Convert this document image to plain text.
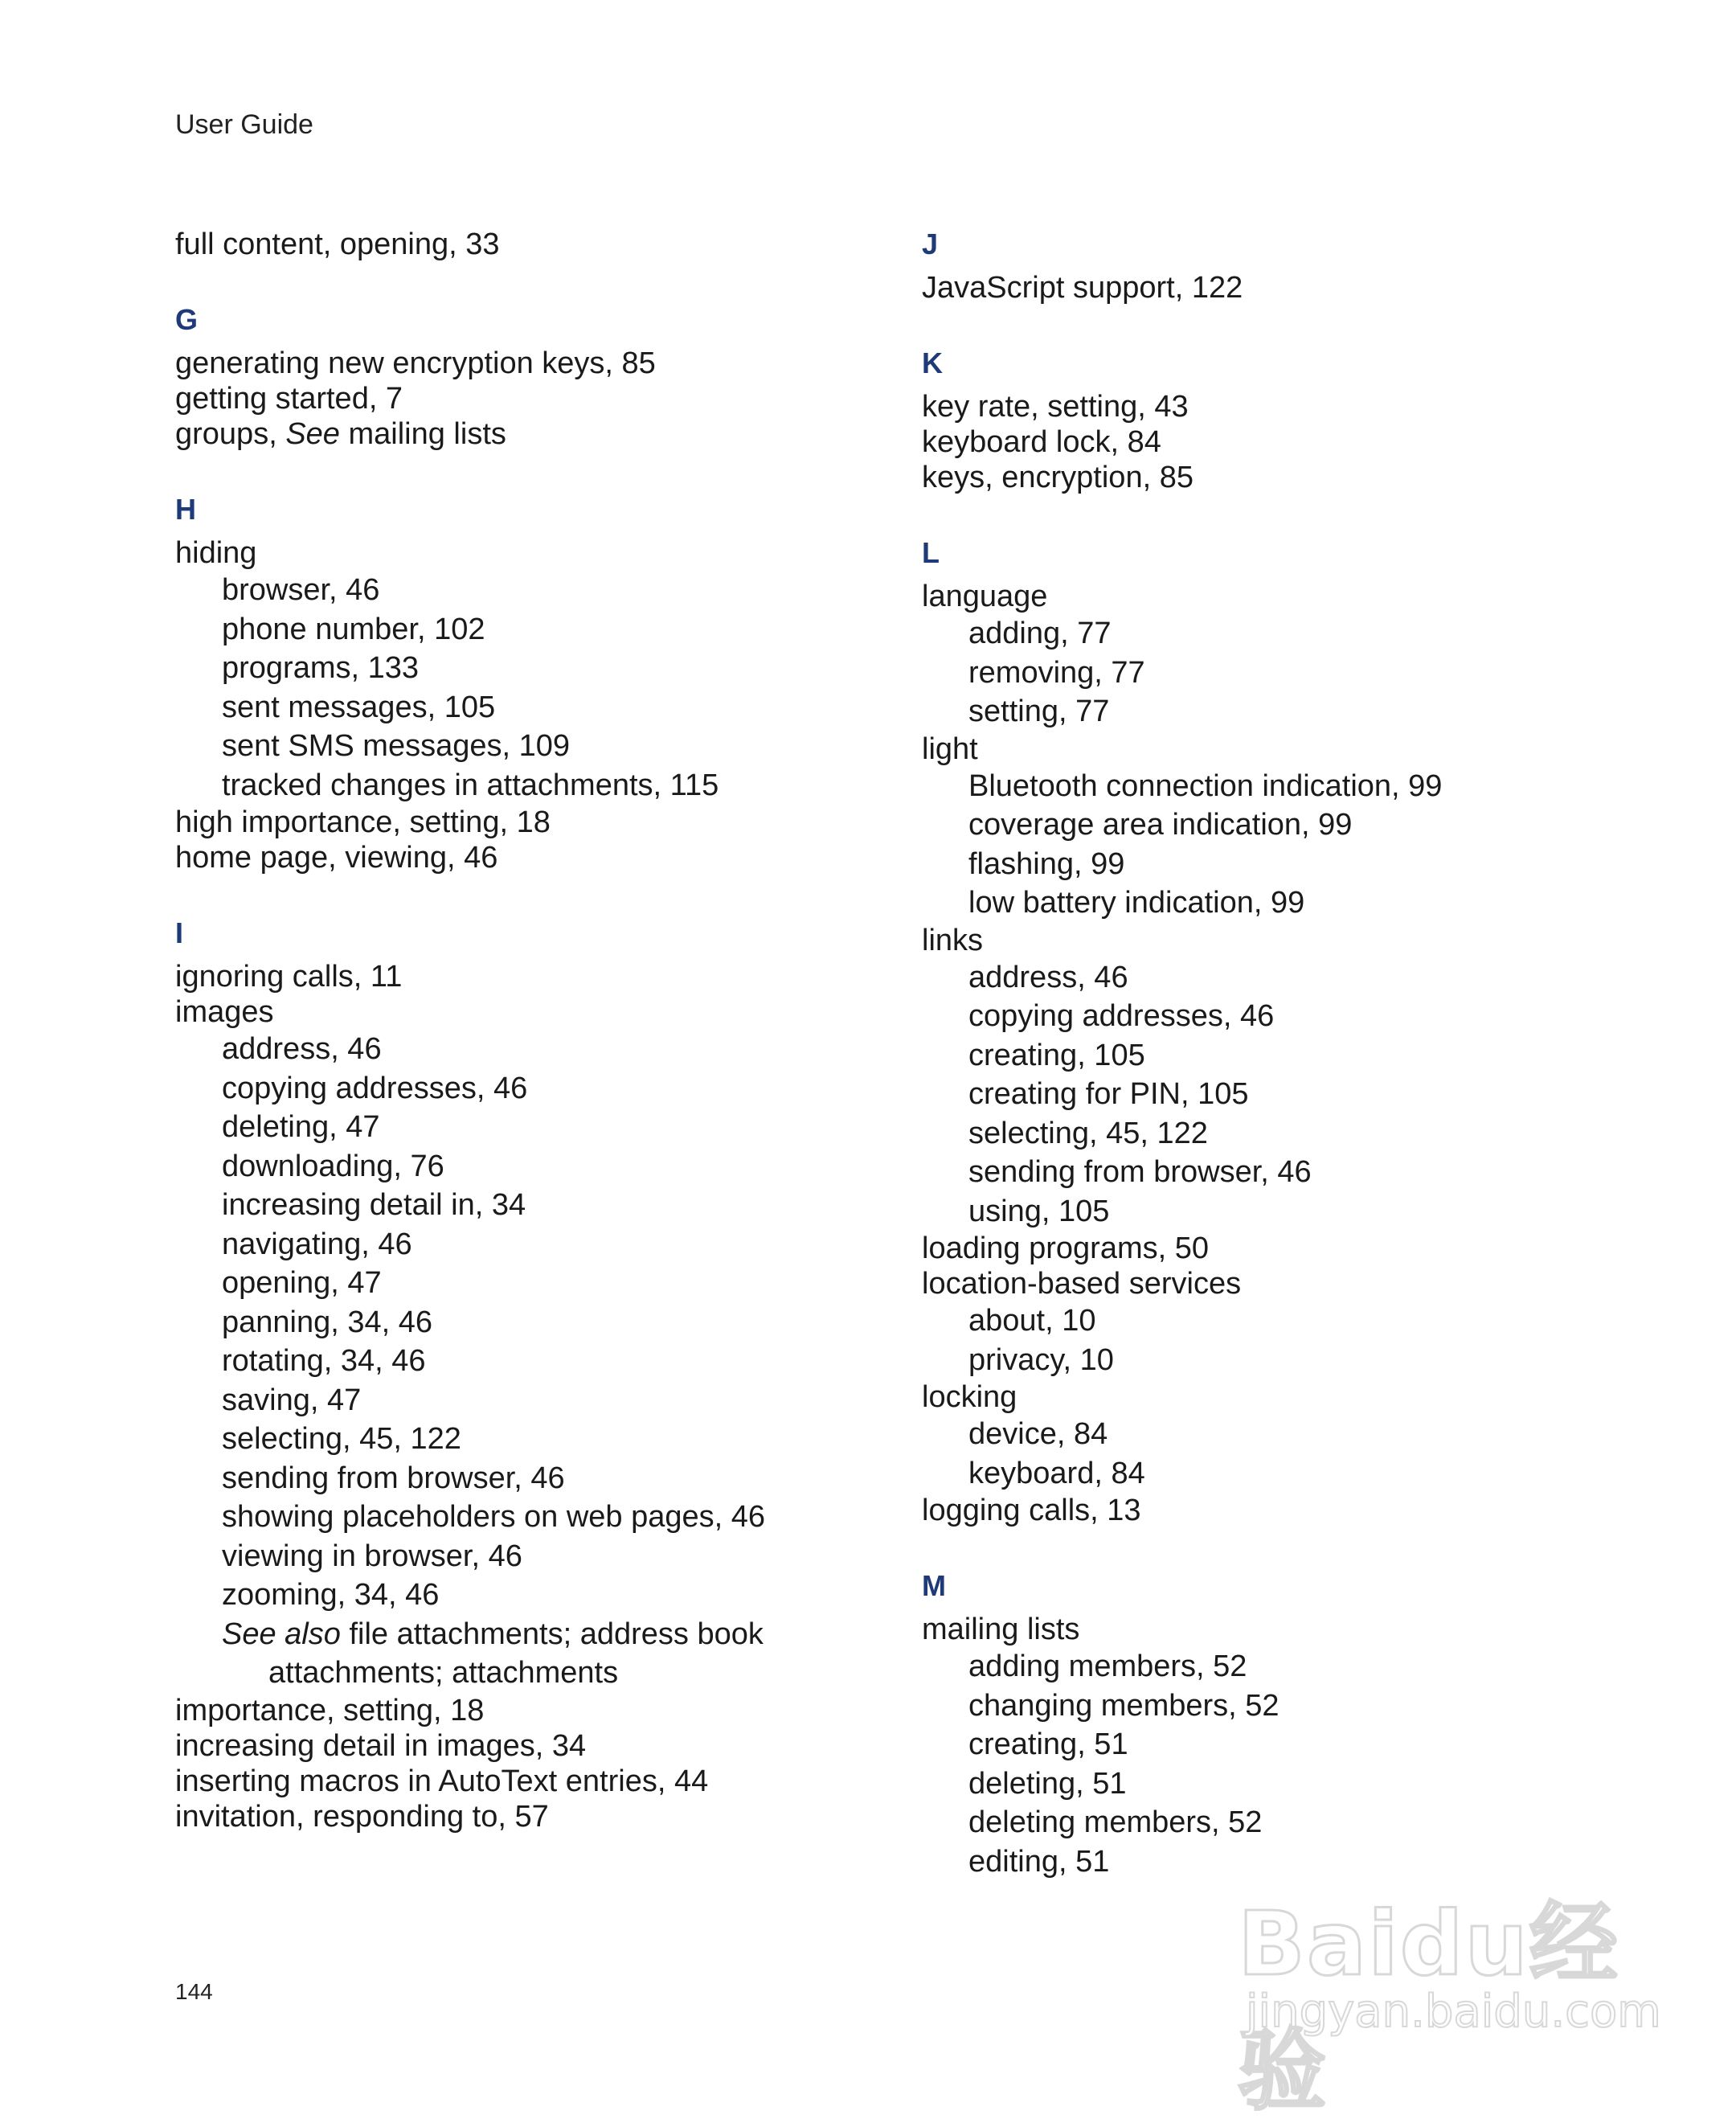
User Guide
full content, opening, 33
G
generating new encryption keys, 85
getting started, 7
groups, See mailing lists
H
hiding
browser, 46
phone number, 102
programs, 133
sent messages, 105
sent SMS messages, 109
tracked changes in attachments, 115
high importance, setting, 18
home page, viewing, 46
I
ignoring calls, 11
images
address, 46
copying addresses, 46
deleting, 47
downloading, 76
increasing detail in, 34
navigating, 46
opening, 47
panning, 34, 46
rotating, 34, 46
saving, 47
selecting, 45, 122
sending from browser, 46
showing placeholders on web pages, 46
viewing in browser, 46
zooming, 34, 46
See also file attachments; address book
attachments; attachments
importance, setting, 18
increasing detail in images, 34
inserting macros in AutoText entries, 44
invitation, responding to, 57
J
JavaScript support, 122
K
key rate, setting, 43
keyboard lock, 84
keys, encryption, 85
L
language
adding, 77
removing, 77
setting, 77
light
Bluetooth connection indication, 99
coverage area indication, 99
flashing, 99
low battery indication, 99
links
address, 46
copying addresses, 46
creating, 105
creating for PIN, 105
selecting, 45, 122
sending from browser, 46
using, 105
loading programs, 50
location-based services
about, 10
privacy, 10
locking
device, 84
keyboard, 84
logging calls, 13
M
mailing lists
adding members, 52
changing members, 52
creating, 51
deleting, 51
deleting members, 52
editing, 51
144	Baidu经验
jingyan.baidu.com
